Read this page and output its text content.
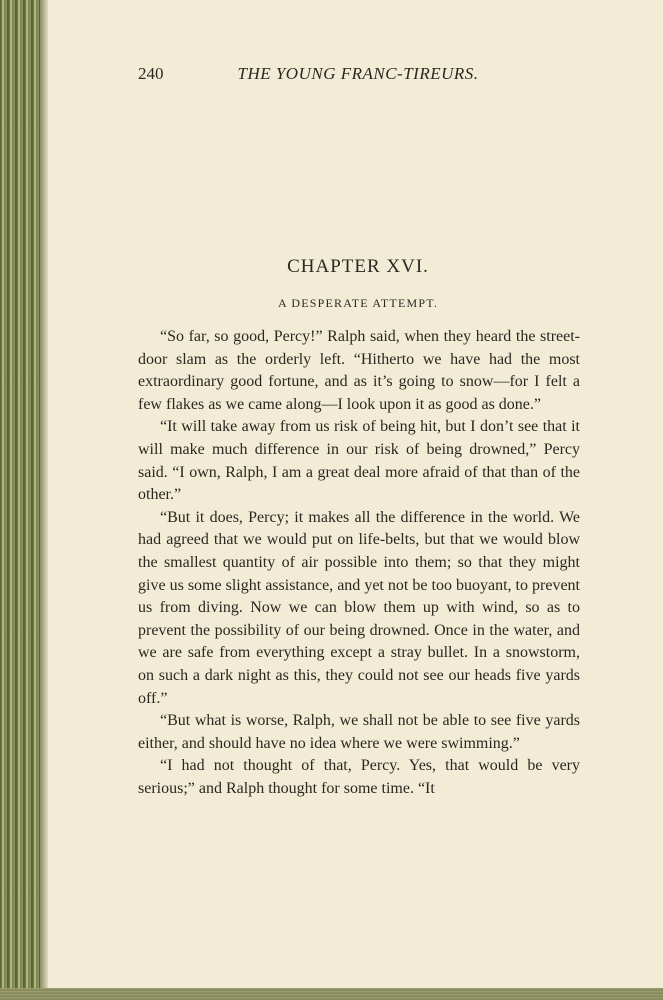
240	THE YOUNG FRANC-TIREURS.
CHAPTER XVI.
A DESPERATE ATTEMPT.

“So far, so good, Percy!” Ralph said, when they heard the street-door slam as the orderly left. “Hitherto we have had the most extraordinary good fortune, and as it’s going to snow—for I felt a few flakes as we came along—I look upon it as good as done.”

“It will take away from us risk of being hit, but I don’t see that it will make much difference in our risk of being drowned,” Percy said. “I own, Ralph, I am a great deal more afraid of that than of the other.”

“But it does, Percy; it makes all the difference in the world. We had agreed that we would put on life-belts, but that we would blow the smallest quantity of air possible into them; so that they might give us some slight assistance, and yet not be too buoyant, to prevent us from diving. Now we can blow them up with wind, so as to prevent the possibility of our being drowned. Once in the water, and we are safe from everything except a stray bullet. In a snowstorm, on such a dark night as this, they could not see our heads five yards off.”

“But what is worse, Ralph, we shall not be able to see five yards either, and should have no idea where we were swimming.”

“I had not thought of that, Percy. Yes, that would be very serious;” and Ralph thought for some time. “It
